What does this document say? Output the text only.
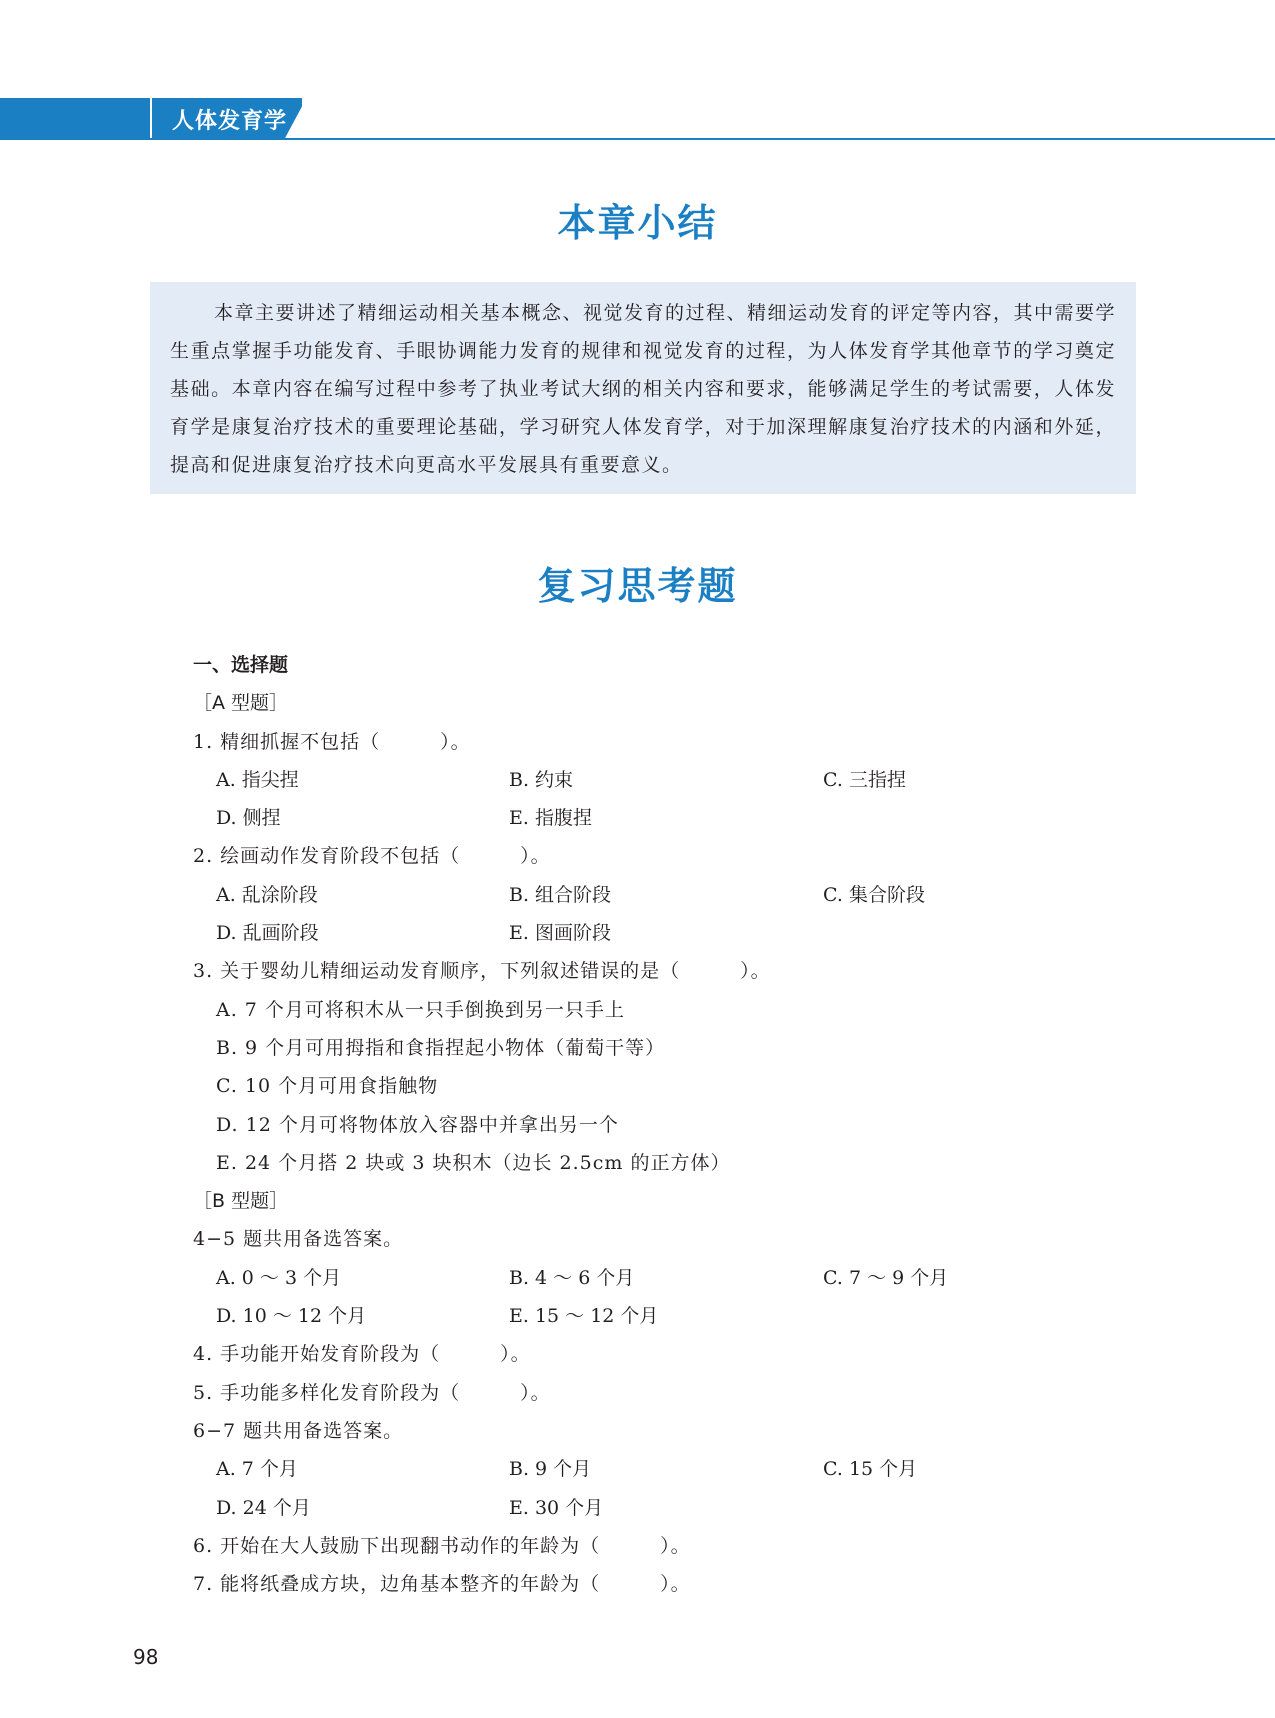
人体发育学
本章小结

本章主要讲述了精细运动相关基本概念、视觉发育的过程、精细运动发育的评定等内容，其中需要学生重点掌握手功能发育、手眼协调能力发育的规律和视觉发育的过程，为人体发育学其他章节的学习奠定基础。本章内容在编写过程中参考了执业考试大纲的相关内容和要求，能够满足学生的考试需要，人体发育学是康复治疗技术的重要理论基础，学习研究人体发育学，对于加深理解康复治疗技术的内涵和外延，提高和促进康复治疗技术向更高水平发展具有重要意义。

复习思考题
一、选择题
［A 型题］
1. 精细抓握不包括（　　　）。
A. 指尖捏	B. 约束	C. 三指捏
D. 侧捏	E. 指腹捏
2. 绘画动作发育阶段不包括（　　　）。
A. 乱涂阶段	B. 组合阶段	C. 集合阶段
D. 乱画阶段	E. 图画阶段
3. 关于婴幼儿精细运动发育顺序，下列叙述错误的是（　　　）。
A. 7 个月可将积木从一只手倒换到另一只手上
B. 9 个月可用拇指和食指捏起小物体（葡萄干等）
C. 10 个月可用食指触物
D. 12 个月可将物体放入容器中并拿出另一个
E. 24 个月搭 2 块或 3 块积木（边长 2.5cm 的正方体）
［B 型题］
4−5 题共用备选答案。
A. 0 ～ 3 个月	B. 4 ～ 6 个月	C. 7 ～ 9 个月
D. 10 ～ 12 个月	E. 15 ～ 12 个月
4. 手功能开始发育阶段为（　　　）。
5. 手功能多样化发育阶段为（　　　）。
6−7 题共用备选答案。
A. 7 个月	B. 9 个月	C. 15 个月
D. 24 个月	E. 30 个月
6. 开始在大人鼓励下出现翻书动作的年龄为（　　　）。
7. 能将纸叠成方块，边角基本整齐的年龄为（　　　）。
98
